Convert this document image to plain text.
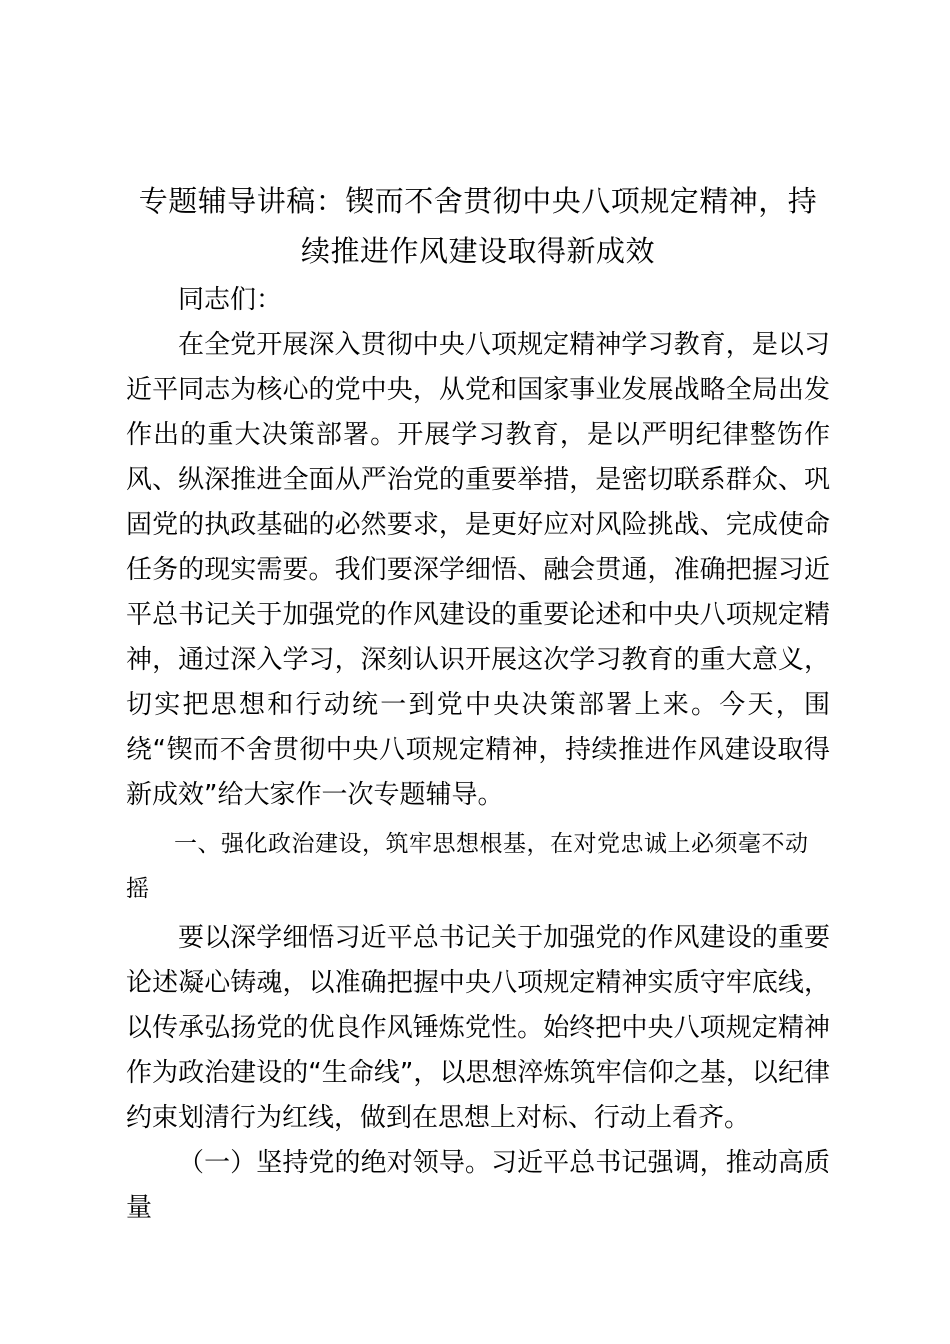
专题辅导讲稿：锲而不舍贯彻中央八项规定精神，持续推进作风建设取得新成效

同志们：

在全党开展深入贯彻中央八项规定精神学习教育，是以习近平同志为核心的党中央，从党和国家事业发展战略全局出发作出的重大决策部署。开展学习教育，是以严明纪律整饬作风、纵深推进全面从严治党的重要举措，是密切联系群众、巩固党的执政基础的必然要求，是更好应对风险挑战、完成使命任务的现实需要。我们要深学细悟、融会贯通，准确把握习近平总书记关于加强党的作风建设的重要论述和中央八项规定精神，通过深入学习，深刻认识开展这次学习教育的重大意义，切实把思想和行动统一到党中央决策部署上来。今天，围绕“锲而不舍贯彻中央八项规定精神，持续推进作风建设取得新成效”给大家作一次专题辅导。

一、强化政治建设，筑牢思想根基，在对党忠诚上必须毫不动摇

要以深学细悟习近平总书记关于加强党的作风建设的重要论述凝心铸魂，以准确把握中央八项规定精神实质守牢底线，以传承弘扬党的优良作风锤炼党性。始终把中央八项规定精神作为政治建设的“生命线”，以思想淬炼筑牢信仰之基，以纪律约束划清行为红线，做到在思想上对标、行动上看齐。

（一）坚持党的绝对领导。习近平总书记强调，推动高质量
